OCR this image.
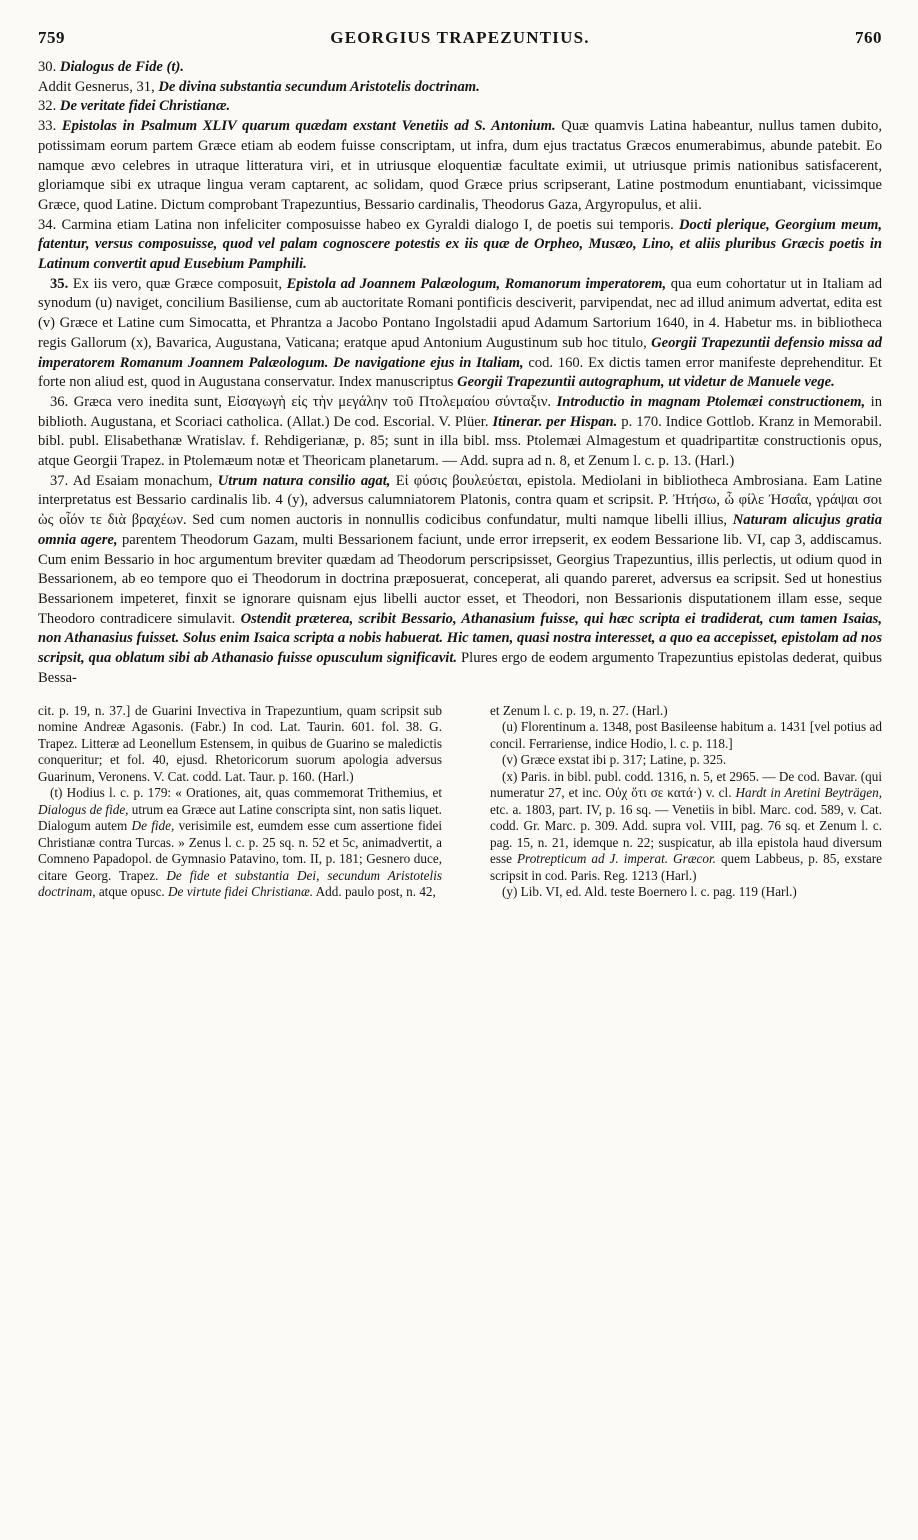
759	GEORGIUS TRAPEZUNTIUS.	760

30. Dialogus de Fide (t).

Addit Gesnerus, 31, De divina substantia secundum Aristotelis doctrinam.

32. De veritate fidei Christianæ.

33. Epistolas in Psalmum XLIV quarum quædam exstant Venetiis ad S. Antonium. Quæ quamvis Latina habeantur, nullus tamen dubito, potissimam eorum partem Græce etiam ab eodem fuisse conscriptam, ut infra, dum ejus tractatus Græcos enumerabimus, abunde patebit. Eo namque ævo celebres in utraque litteratura viri, et in utriusque eloquentiæ facultate eximii, ut utriusque primis nationibus satisfacerent, gloriamque sibi ex utraque lingua veram captarent, ac solidam, quod Græce prius scripserant, Latine postmodum enuntiabant, vicissimque Græce, quod Latine. Dictum comprobant Trapezuntius, Bessario cardinalis, Theodorus Gaza, Argyropulus, et alii.

34. Carmina etiam Latina non infeliciter composuisse habeo ex Gyraldi dialogo I, de poetis sui temporis. Docti plerique, Georgium meum, fatentur, versus composuisse, quod vel palam cognoscere potestis ex iis quæ de Orpheo, Musæo, Lino, et aliis pluribus Græcis poetis in Latinum convertit apud Eusebium Pamphili.

35. Ex iis vero, quæ Græce composuit, Epistola ad Joannem Palæologum, Romanorum imperatorem, qua eum cohortatur ut in Italiam ad synodum (u) naviget, concilium Basiliense, cum ab auctoritate Romani pontificis desciverit, parvipendat, nec ad illud animum advertat, edita est (v) Græce et Latine cum Simocatta, et Phrantza a Jacobo Pontano Ingolstadii apud Adamum Sartorium 1640, in 4. Habetur ms. in bibliotheca regis Gallorum (x), Bavarica, Augustana, Vaticana; eratque apud Antonium Augustinum sub hoc titulo, Georgii Trapezuntii defensio missa ad imperatorem Romanum Joannem Palæologum. De navigatione ejus in Italiam, cod. 160. Ex dictis tamen error manifeste deprehenditur. Et forte non aliud est, quod in Augustana conservatur. Index manuscriptus Georgii Trapezuntii autographum, ut videtur de Manuele vege.

36. Græca vero inedita sunt, Εἰσαγωγὴ εἰς τὴν μεγάλην τοῦ Πτολεμαίου σύνταξιν. Introductio in magnam Ptolemæi constructionem, in biblioth. Augustana, et Scoriaci catholica. (Allat.) De cod. Escorial. V. Plüer. Itinerar. per Hispan. p. 170. Indice Gottlob. Kranz in Memorabil. bibl. publ. Elisabethanæ Wratislav. f. Rehdigerianæ, p. 85; sunt in illa bibl. mss. Ptolemæi Almagestum et quadripartitæ constructionis opus, atque Georgii Trapez. in Ptolemæum notæ et Theoricam planetarum. — Add. supra ad n. 8, et Zenum l. c. p. 13. (Harl.)

37. Ad Esaiam monachum, Utrum natura consilio agat, Εἰ φύσις βουλεύεται, epistola. Mediolani in bibliotheca Ambrosiana. Eam Latine interpretatus est Bessario cardinalis lib. 4 (y), adversus calumniatorem Platonis, contra quam et scripsit. P. Ἠτήσω, ὦ φίλε Ἠσαΐα, γράψαι σοι ὡς οἷόν τε διὰ βραχέων. Sed cum nomen auctoris in nonnullis codicibus confundatur, multi namque libelli illius, Naturam alicujus gratia omnia agere, parentem Theodorum Gazam, multi Bessarionem faciunt, unde error irrepserit, ex eodem Bessarione lib. VI, cap 3, addiscamus. Cum enim Bessario in hoc argumentum breviter quædam ad Theodorum perscripsisset, Georgius Trapezuntius, illis perlectis, ut odium quod in Bessarionem, ab eo tempore quo ei Theodorum in doctrina præposuerat, conceperat, ali quando pareret, adversus ea scripsit. Sed ut honestius Bessarionem impeteret, finxit se ignorare quisnam ejus libelli auctor esset, et Theodori, non Bessarionis disputationem illam esse, seque Theodoro contradicere simulavit. Ostendit præterea, scribit Bessario, Athanasium fuisse, qui hæc scripta ei tradiderat, cum tamen Isaias, non Athanasius fuisset. Solus enim Isaica scripta a nobis habuerat. Hic tamen, quasi nostra interesset, a quo ea accepisset, epistolam ad nos scripsit, qua oblatum sibi ab Athanasio fuisse opusculum significavit. Plures ergo de eodem argumento Trapezuntius epistolas dederat, quibus Bessa-

cit. p. 19, n. 37.] de Guarini Invectiva in Trapezuntium, quam scripsit sub nomine Andreæ Agasonis. (Fabr.) In cod. Lat. Taurin. 601. fol. 38. G. Trapez. Litteræ ad Leonellum Estensem, in quibus de Guarino se maledictis conqueritur; et fol. 40, ejusd. Rhetoricorum suorum apologia adversus Guarinum, Veronens. V. Cat. codd. Lat. Taur. p. 160. (Harl.)

(t) Hodius l. c. p. 179: « Orationes, ait, quas commemorat Trithemius, et Dialogus de fide, utrum ea Græce aut Latine conscripta sint, non satis liquet. Dialogum autem De fide, verisimile est, eumdem esse cum assertione fidei Christianæ contra Turcas. » Zenus l. c. p. 25 sq. n. 52 et 5c, animadvertit, a Comneno Papadopol. de Gymnasio Patavino, tom. II, p. 181; Gesnero duce, citare Georg. Trapez. De fide et substantia Dei, secundum Aristotelis doctrinam, atque opusc. De virtute fidei Christianæ. Add. paulo post, n. 42,

et Zenum l. c. p. 19, n. 27. (Harl.)

(u) Florentinum a. 1348, post Basileense habitum a. 1431 [vel potius ad concil. Ferrariense, indice Hodio, l. c. p. 118.]

(v) Græce exstat ibi p. 317; Latine, p. 325.

(x) Paris. in bibl. publ. codd. 1316, n. 5, et 2965. — De cod. Bavar. (qui numeratur 27, et inc. Οὐχ ὅτι σε κατά·) v. cl. Hardt in Aretini Beyträgen, etc. a. 1803, part. IV, p. 16 sq. — Venetiis in bibl. Marc. cod. 589, v. Cat. codd. Gr. Marc. p. 309. Add. supra vol. VIII, pag. 76 sq. et Zenum l. c. pag. 15, n. 21, idemque n. 22; suspicatur, ab illa epistola haud diversum esse Protrepticum ad J. imperat. Græcor. quem Labbeus, p. 85, exstare scripsit in cod. Paris. Reg. 1213 (Harl.)

(y) Lib. VI, ed. Ald. teste Boernero l. c. pag. 119 (Harl.)
